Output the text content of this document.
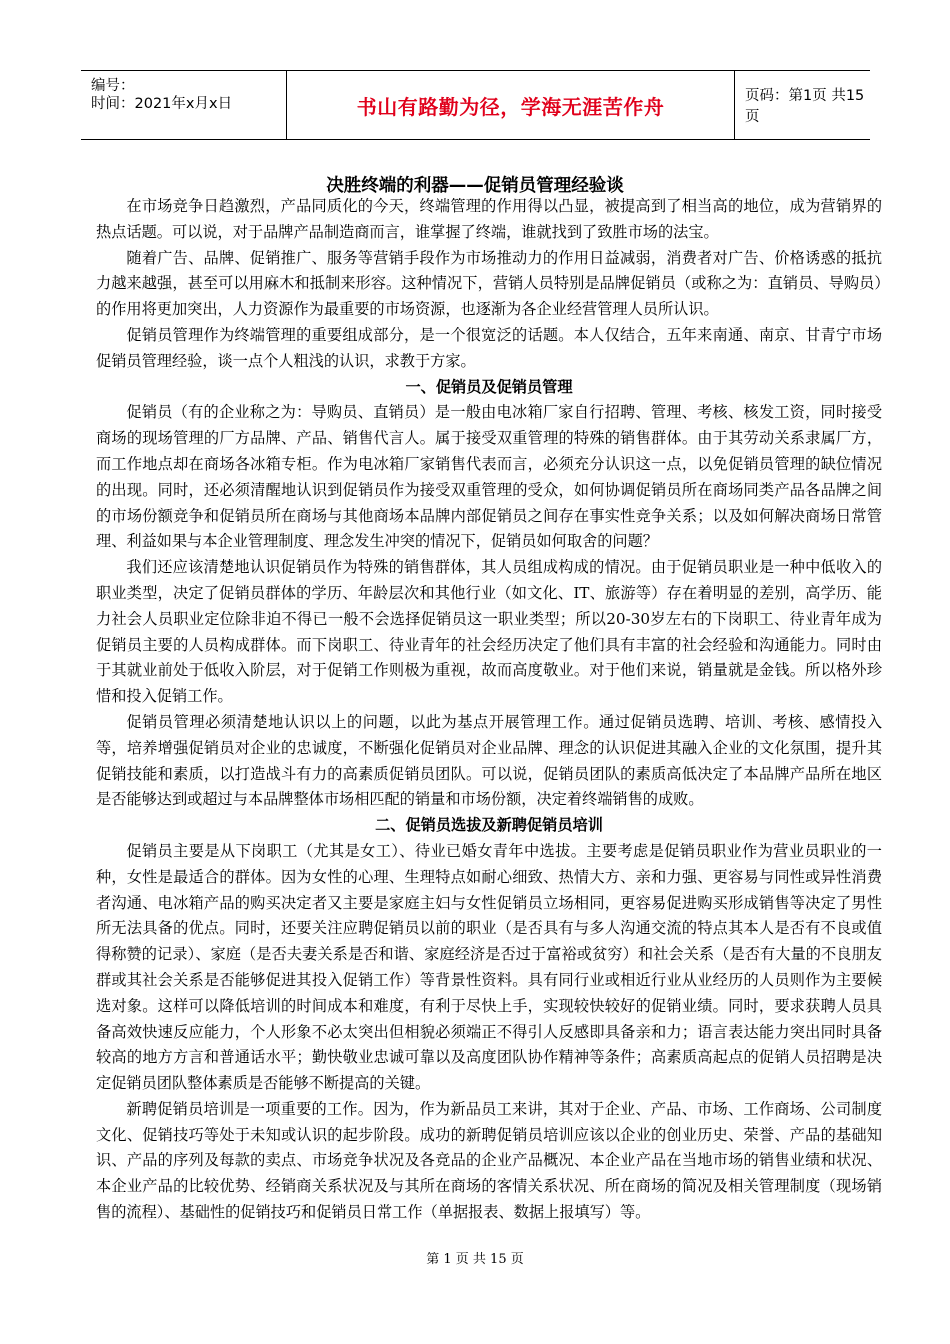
编号：
时间：2021年x月x日	书山有路勤为径，学海无涯苦作舟	页码：第1页 共15页
决胜终端的利器——促销员管理经验谈

在市场竞争日趋激烈，产品同质化的今天，终端管理的作用得以凸显，被提高到了相当高的地位，成为营销界的热点话题。可以说，对于品牌产品制造商而言，谁掌握了终端，谁就找到了致胜市场的法宝。

随着广告、品牌、促销推广、服务等营销手段作为市场推动力的作用日益减弱，消费者对广告、价格诱惑的抵抗力越来越强，甚至可以用麻木和抵制来形容。这种情况下，营销人员特别是品牌促销员（或称之为：直销员、导购员）的作用将更加突出，人力资源作为最重要的市场资源，也逐渐为各企业经营管理人员所认识。

促销员管理作为终端管理的重要组成部分，是一个很宽泛的话题。本人仅结合，五年来南通、南京、甘青宁市场促销员管理经验，谈一点个人粗浅的认识，求教于方家。

一、促销员及促销员管理

促销员（有的企业称之为：导购员、直销员）是一般由电冰箱厂家自行招聘、管理、考核、核发工资，同时接受商场的现场管理的厂方品牌、产品、销售代言人。属于接受双重管理的特殊的销售群体。由于其劳动关系隶属厂方，而工作地点却在商场各冰箱专柜。作为电冰箱厂家销售代表而言，必须充分认识这一点，以免促销员管理的缺位情况的出现。同时，还必须清醒地认识到促销员作为接受双重管理的受众，如何协调促销员所在商场同类产品各品牌之间的市场份额竞争和促销员所在商场与其他商场本品牌内部促销员之间存在事实性竞争关系；以及如何解决商场日常管理、利益如果与本企业管理制度、理念发生冲突的情况下，促销员如何取舍的问题？

我们还应该清楚地认识促销员作为特殊的销售群体，其人员组成构成的情况。由于促销员职业是一种中低收入的职业类型，决定了促销员群体的学历、年龄层次和其他行业（如文化、IT、旅游等）存在着明显的差别，高学历、能力社会人员职业定位除非迫不得已一般不会选择促销员这一职业类型；所以20-30岁左右的下岗职工、待业青年成为促销员主要的人员构成群体。而下岗职工、待业青年的社会经历决定了他们具有丰富的社会经验和沟通能力。同时由于其就业前处于低收入阶层，对于促销工作则极为重视，故而高度敬业。对于他们来说，销量就是金钱。所以格外珍惜和投入促销工作。

促销员管理必须清楚地认识以上的问题，以此为基点开展管理工作。通过促销员选聘、培训、考核、感情投入等，培养增强促销员对企业的忠诚度，不断强化促销员对企业品牌、理念的认识促进其融入企业的文化氛围，提升其促销技能和素质，以打造战斗有力的高素质促销员团队。可以说，促销员团队的素质高低决定了本品牌产品所在地区是否能够达到或超过与本品牌整体市场相匹配的销量和市场份额，决定着终端销售的成败。

二、促销员选拔及新聘促销员培训

促销员主要是从下岗职工（尤其是女工）、待业已婚女青年中选拔。主要考虑是促销员职业作为营业员职业的一种，女性是最适合的群体。因为女性的心理、生理特点如耐心细致、热情大方、亲和力强、更容易与同性或异性消费者沟通、电冰箱产品的购买决定者又主要是家庭主妇与女性促销员立场相同，更容易促进购买形成销售等决定了男性所无法具备的优点。同时，还要关注应聘促销员以前的职业（是否具有与多人沟通交流的特点其本人是否有不良或值得称赞的记录）、家庭（是否夫妻关系是否和谐、家庭经济是否过于富裕或贫穷）和社会关系（是否有大量的不良朋友群或其社会关系是否能够促进其投入促销工作）等背景性资料。具有同行业或相近行业从业经历的人员则作为主要候选对象。这样可以降低培训的时间成本和难度，有利于尽快上手，实现较快较好的促销业绩。同时，要求获聘人员具备高效快速反应能力，个人形象不必太突出但相貌必须端正不得引人反感即具备亲和力；语言表达能力突出同时具备较高的地方方言和普通话水平；勤快敬业忠诚可靠以及高度团队协作精神等条件；高素质高起点的促销人员招聘是决定促销员团队整体素质是否能够不断提高的关键。

新聘促销员培训是一项重要的工作。因为，作为新品员工来讲，其对于企业、产品、市场、工作商场、公司制度文化、促销技巧等处于未知或认识的起步阶段。成功的新聘促销员培训应该以企业的创业历史、荣誉、产品的基础知识、产品的序列及每款的卖点、市场竞争状况及各竞品的企业产品概况、本企业产品在当地市场的销售业绩和状况、本企业产品的比较优势、经销商关系状况及与其所在商场的客情关系状况、所在商场的简况及相关管理制度（现场销售的流程）、基础性的促销技巧和促销员日常工作（单据报表、数据上报填写）等。

第 1 页 共 15 页
